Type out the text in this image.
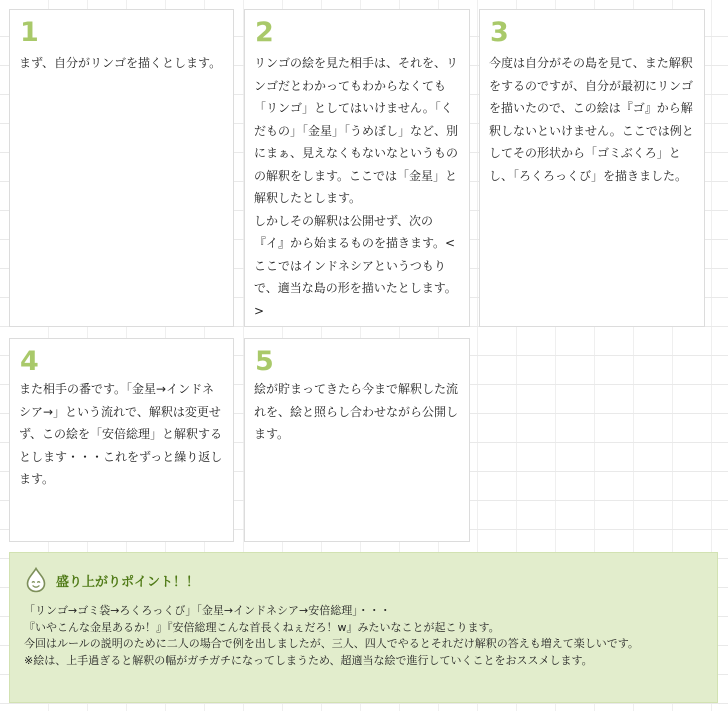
1
まず、自分がリンゴを描くとします。
2
リンゴの絵を見た相手は、それを、リンゴだとわかってもわからなくても「リンゴ」としてはいけません。「くだもの」「金星」「うめぼし」など、別にまぁ、見えなくもないなというものの解釈をします。ここでは「金星」と解釈したとします。
しかしその解釈は公開せず、次の『イ』から始まるものを描きます。<ここではインドネシアというつもりで、適当な島の形を描いたとします。>
3
今度は自分がその島を見て、また解釈をするのですが、自分が最初にリンゴを描いたので、この絵は『ゴ』から解釈しないといけません。ここでは例としてその形状から「ゴミぶくろ」とし、「ろくろっくび」を描きました。
4
また相手の番です。「金星→インドネシア→」という流れで、解釈は変更せず、この絵を「安倍総理」と解釈するとします・・・これをずっと繰り返します。
5
絵が貯まってきたら今まで解釈した流れを、絵と照らし合わせながら公開します。
盛り上がりポイント！！
「リンゴ→ゴミ袋→ろくろっくび」「金星→インドネシア→安倍総理」・・・
『いやこんな金星あるか！』『安倍総理こんな首長くねぇだろ！w』みたいなことが起こります。
今回はルールの説明のために二人の場合で例を出しましたが、三人、四人でやるとそれだけ解釈の答えも増えて楽しいです。
※絵は、上手過ぎると解釈の幅がガチガチになってしまうため、超適当な絵で進行していくことをおススメします。
